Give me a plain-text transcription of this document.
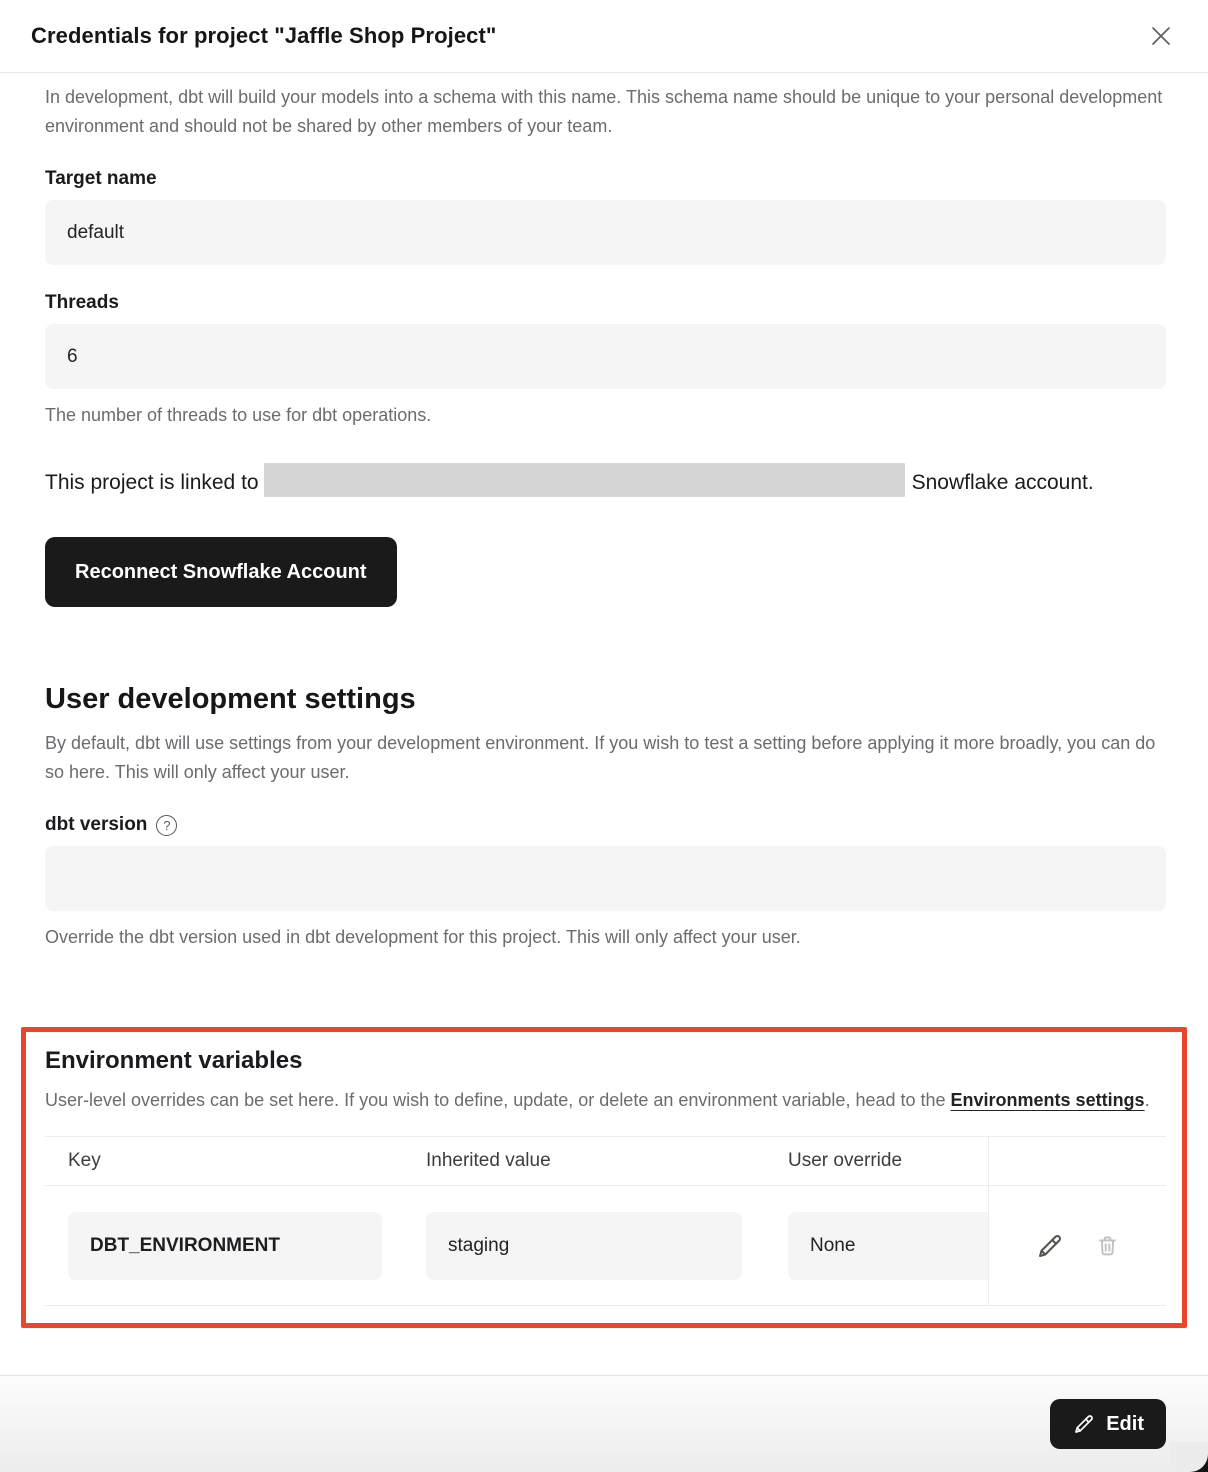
Credentials for project "Jaffle Shop Project"

In development, dbt will build your models into a schema with this name. This schema name should be unique to your personal development environment and should not be shared by other members of your team.

Target name
default
Threads
6

The number of threads to use for dbt operations.

This project is linked to	Snowflake account.

Reconnect Snowflake Account
User development settings

By default, dbt will use settings from your development environment. If you wish to test a setting before applying it more broadly, you can do so here. This will only affect your user.

dbt version ?

Override the dbt version used in dbt development for this project. This will only affect your user.

Environment variables

User-level overrides can be set here. If you wish to define, update, or delete an environment variable, head to the Environments settings.

Key	Inherited value	User override
DBT_ENVIRONMENT	staging	None
Edit
